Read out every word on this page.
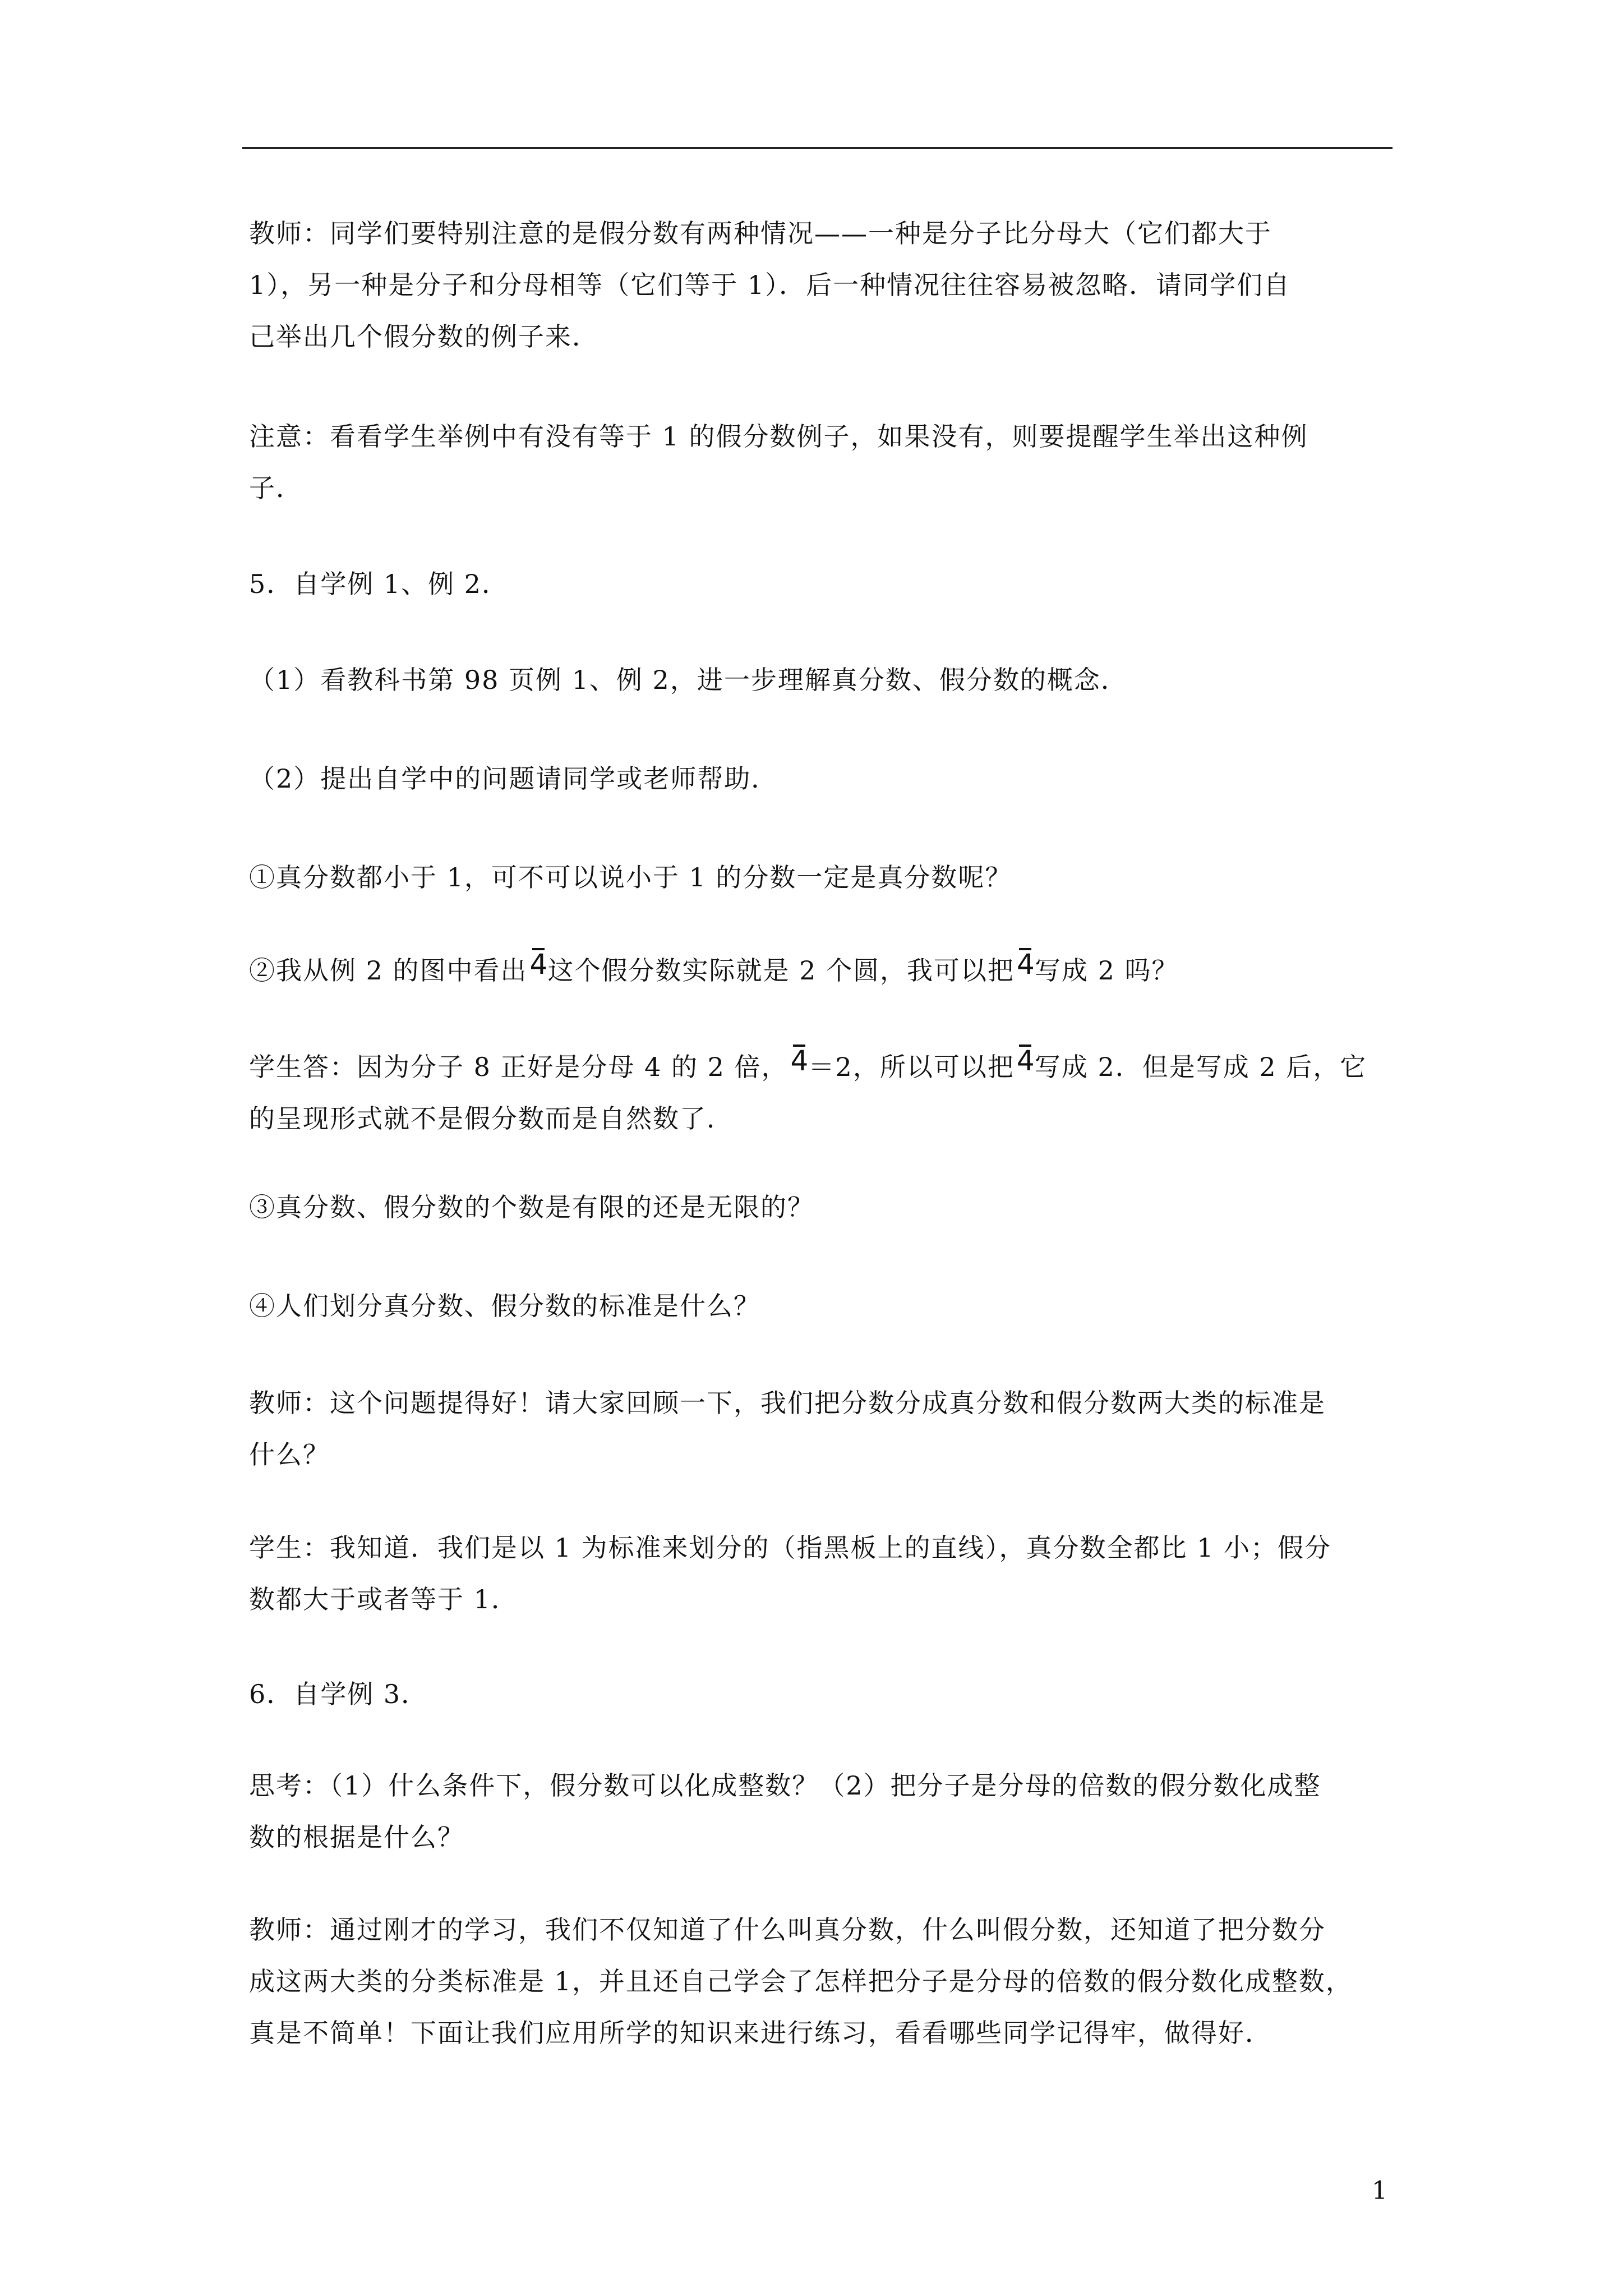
教师：同学们要特别注意的是假分数有两种情况——一种是分子比分母大（它们都大于
1），另一种是分子和分母相等（它们等于 1）．后一种情况往往容易被忽略．请同学们自
己举出几个假分数的例子来．
注意：看看学生举例中有没有等于 1 的假分数例子，如果没有，则要提醒学生举出这种例
子．
5．自学例 1、例 2．
（1）看教科书第 98 页例 1、例 2，进一步理解真分数、假分数的概念．
（2）提出自学中的问题请同学或老师帮助．
①真分数都小于 1，可不可以说小于 1 的分数一定是真分数呢？
②我从例 2 的图中看出 4
这个假分数实际就是 2 个圆，我可以把 4
写成 2 吗？
学生答：因为分子 8 正好是分母 4 的 2 倍， 4
＝2，所以可以把 4
写成 2．但是写成 2 后，它
的呈现形式就不是假分数而是自然数了．
③真分数、假分数的个数是有限的还是无限的？
④人们划分真分数、假分数的标准是什么？
教师：这个问题提得好！请大家回顾一下，我们把分数分成真分数和假分数两大类的标准是
什么？
学生：我知道．我们是以 1 为标准来划分的（指黑板上的直线），真分数全都比 1 小；假分
数都大于或者等于 1．
6．自学例 3．
思考：（1）什么条件下，假分数可以化成整数？（2）把分子是分母的倍数的假分数化成整
数的根据是什么？
教师：通过刚才的学习，我们不仅知道了什么叫真分数，什么叫假分数，还知道了把分数分
成这两大类的分类标准是 1，并且还自己学会了怎样把分子是分母的倍数的假分数化成整数，
真是不简单！下面让我们应用所学的知识来进行练习，看看哪些同学记得牢，做得好．
1
